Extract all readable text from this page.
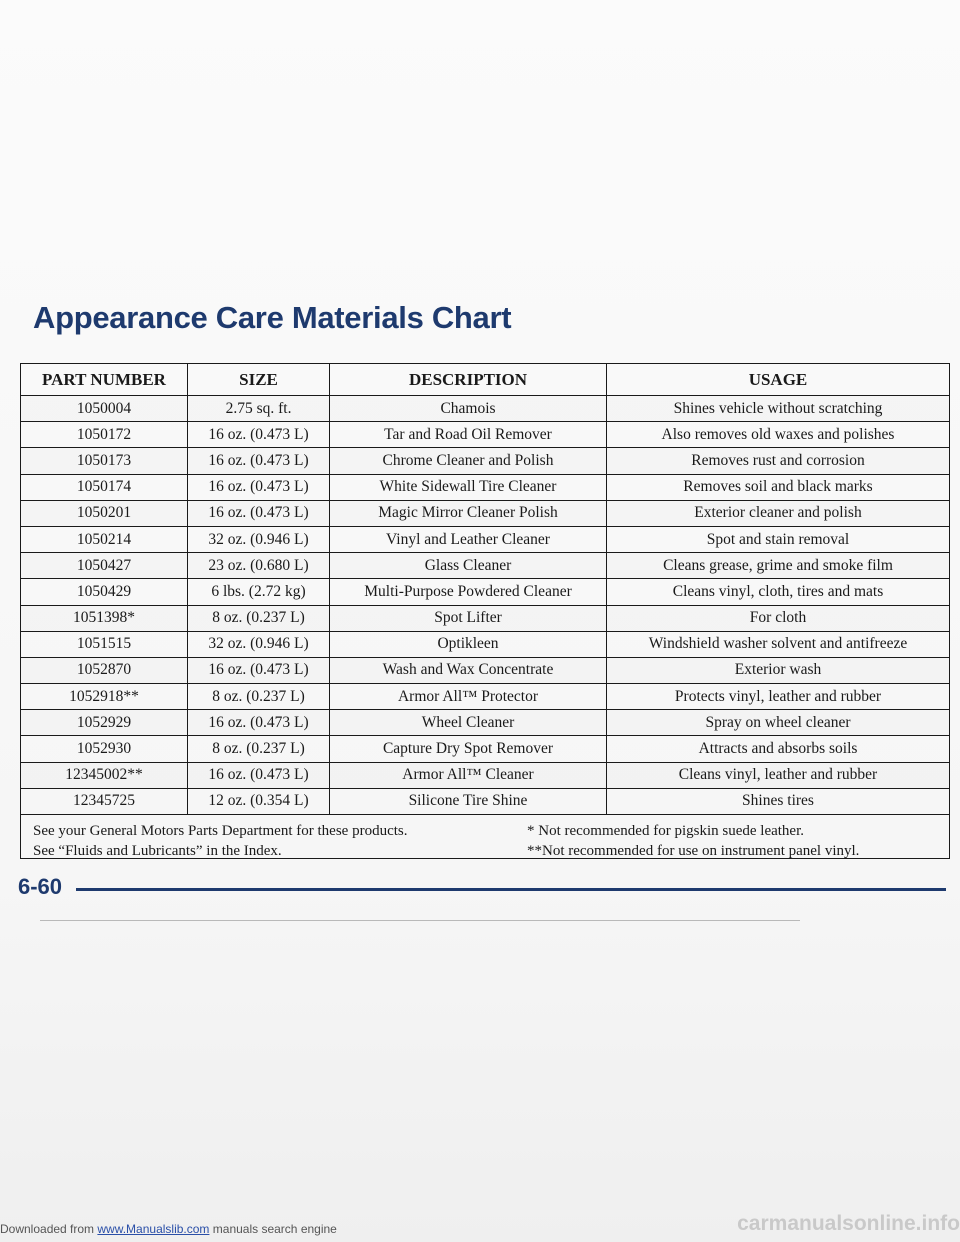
Appearance Care Materials Chart
PART NUMBER	SIZE	DESCRIPTION	USAGE
1050004	2.75 sq. ft.	Chamois	Shines vehicle without scratching
1050172	16 oz. (0.473 L)	Tar and Road Oil Remover	Also removes old waxes and polishes
1050173	16 oz. (0.473 L)	Chrome Cleaner and Polish	Removes rust and corrosion
1050174	16 oz. (0.473 L)	White Sidewall Tire Cleaner	Removes soil and black marks
1050201	16 oz. (0.473 L)	Magic Mirror Cleaner Polish	Exterior cleaner and polish
1050214	32 oz. (0.946 L)	Vinyl and Leather Cleaner	Spot and stain removal
1050427	23 oz. (0.680 L)	Glass Cleaner	Cleans grease, grime and smoke film
1050429	6 lbs. (2.72 kg)	Multi-Purpose Powdered Cleaner	Cleans vinyl, cloth, tires and mats
1051398*	8 oz. (0.237 L)	Spot Lifter	For cloth
1051515	32 oz. (0.946 L)	Optikleen	Windshield washer solvent and antifreeze
1052870	16 oz. (0.473 L)	Wash and Wax Concentrate	Exterior wash
1052918**	8 oz. (0.237 L)	Armor All™ Protector	Protects vinyl, leather and rubber
1052929	16 oz. (0.473 L)	Wheel Cleaner	Spray on wheel cleaner
1052930	8 oz. (0.237 L)	Capture Dry Spot Remover	Attracts and absorbs soils
12345002**	16 oz. (0.473 L)	Armor All™ Cleaner	Cleans vinyl, leather and rubber
12345725	12 oz. (0.354 L)	Silicone Tire Shine	Shines tires
See your General Motors Parts Department for these products.
See “Fluids and Lubricants” in the Index.
* Not recommended for pigskin suede leather.
**Not recommended for use on instrument panel vinyl.
6-60
Downloaded from www.Manualslib.com manuals search engine	carmanualsonline.info
